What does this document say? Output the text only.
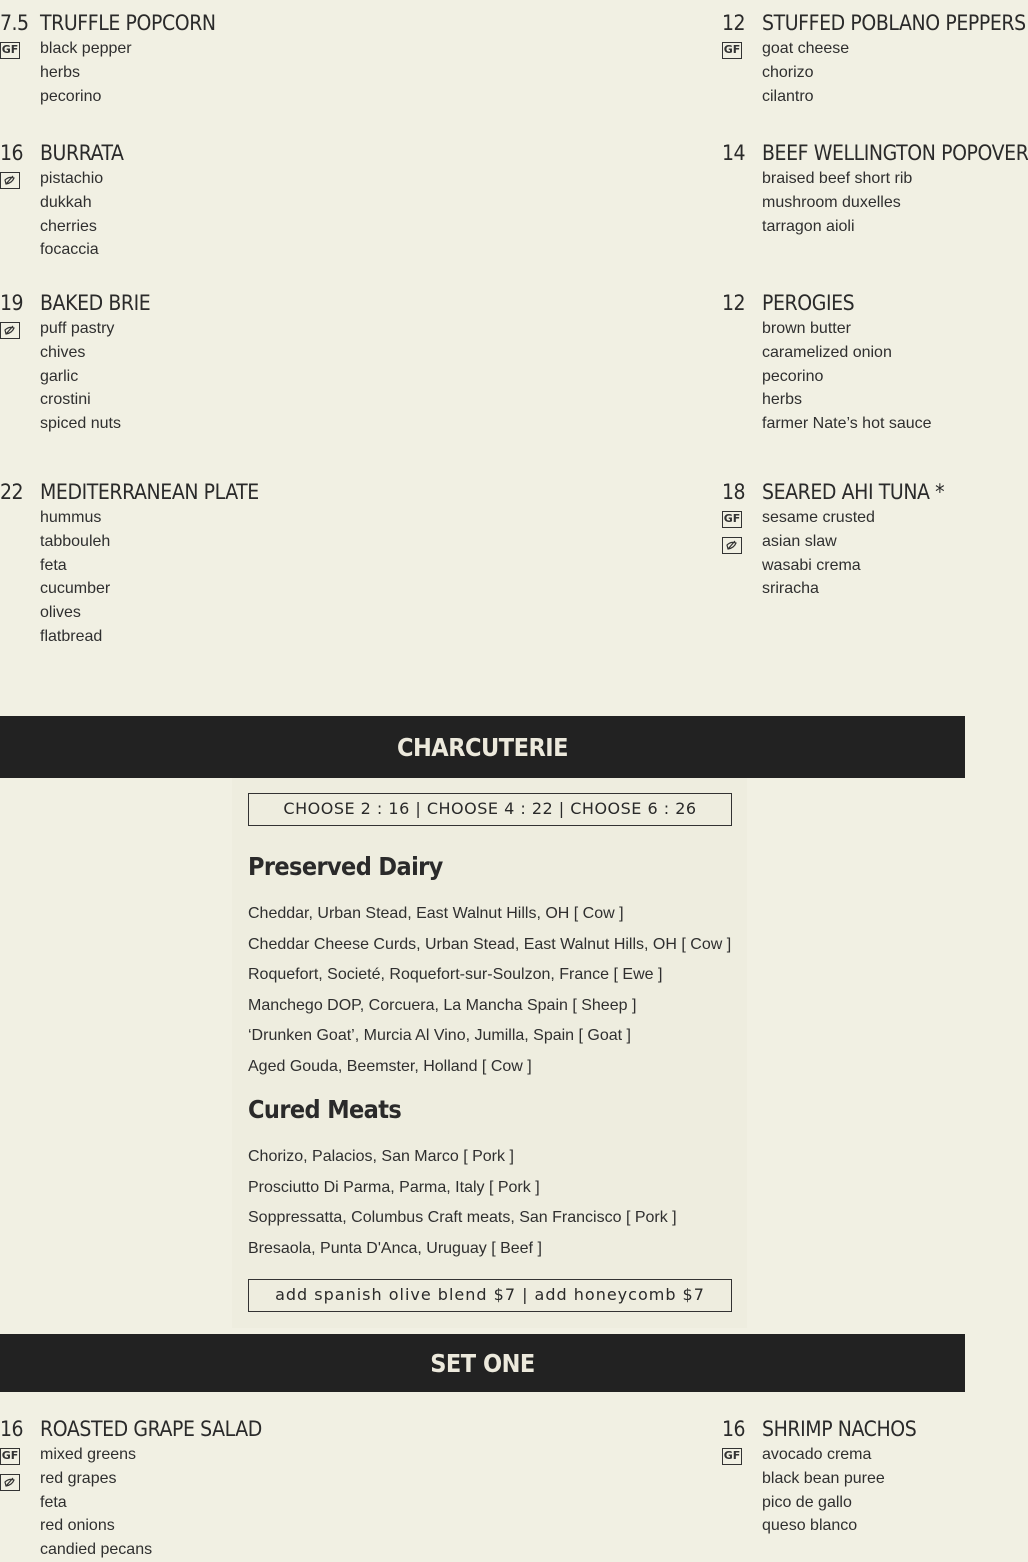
7.5 TRUFFLE POPCORN
GF black pepper
herbs
pecorino
12 STUFFED POBLANO PEPPERS
GF goat cheese
chorizo
cilantro
16 BURRATA
pistachio
dukkah
cherries
focaccia
14 BEEF WELLINGTON POPOVER
braised beef short rib
mushroom duxelles
tarragon aioli
19 BAKED BRIE
puff pastry
chives
garlic
crostini
spiced nuts
12 PEROGIES
brown butter
caramelized onion
pecorino
herbs
farmer Nate’s hot sauce
22 MEDITERRANEAN PLATE
hummus
tabbouleh
feta
cucumber
olives
flatbread
18 SEARED AHI TUNA *
GF sesame crusted
asian slaw
wasabi crema
sriracha
CHARCUTERIE
CHOOSE 2 : 16 | CHOOSE 4 : 22 | CHOOSE 6 : 26
Preserved Dairy
Cheddar, Urban Stead, East Walnut Hills, OH [ Cow ]
Cheddar Cheese Curds, Urban Stead, East Walnut Hills, OH [ Cow ]
Roquefort, Societé, Roquefort-sur-Soulzon, France [ Ewe ]
Manchego DOP, Corcuera, La Mancha Spain [ Sheep ]
‘Drunken Goat’, Murcia Al Vino, Jumilla, Spain [ Goat ]
Aged Gouda, Beemster, Holland [ Cow ]
Cured Meats
Chorizo, Palacios, San Marco [ Pork ]
Prosciutto Di Parma, Parma, Italy [ Pork ]
Soppressatta, Columbus Craft meats, San Francisco [ Pork ]
Bresaola, Punta D'Anca, Uruguay [ Beef ]
add spanish olive blend $7 | add honeycomb $7
SET ONE
16 ROASTED GRAPE SALAD
GF mixed greens
red grapes
feta
red onions
candied pecans
16 SHRIMP NACHOS
GF avocado crema
black bean puree
pico de gallo
queso blanco
